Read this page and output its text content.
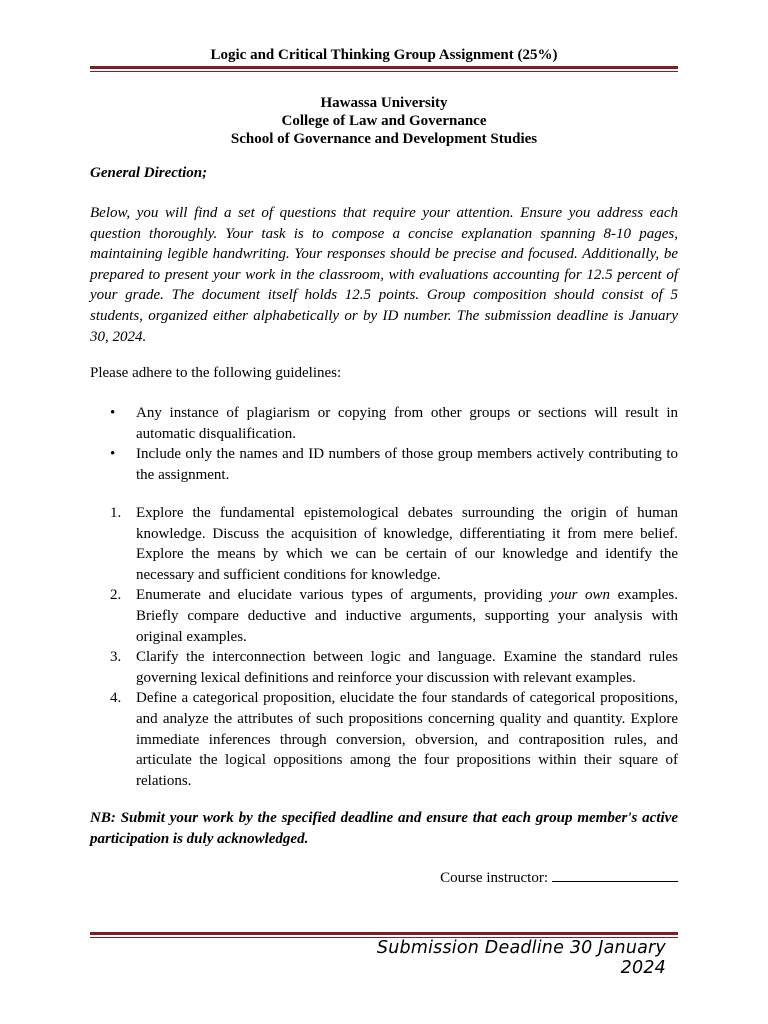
Logic and Critical Thinking Group Assignment (25%)
Hawassa University
College of Law and Governance
School of Governance and Development Studies
General Direction;

Below, you will find a set of questions that require your attention. Ensure you address each question thoroughly. Your task is to compose a concise explanation spanning 8-10 pages, maintaining legible handwriting. Your responses should be precise and focused. Additionally, be prepared to present your work in the classroom, with evaluations accounting for 12.5 percent of your grade. The document itself holds 12.5 points. Group composition should consist of 5 students, organized either alphabetically or by ID number. The submission deadline is January 30, 2024.

Please adhere to the following guidelines:
• Any instance of plagiarism or copying from other groups or sections will result in automatic disqualification.
• Include only the names and ID numbers of those group members actively contributing to the assignment.
1. Explore the fundamental epistemological debates surrounding the origin of human knowledge. Discuss the acquisition of knowledge, differentiating it from mere belief. Explore the means by which we can be certain of our knowledge and identify the necessary and sufficient conditions for knowledge.
2. Enumerate and elucidate various types of arguments, providing your own examples. Briefly compare deductive and inductive arguments, supporting your analysis with original examples.
3. Clarify the interconnection between logic and language. Examine the standard rules governing lexical definitions and reinforce your discussion with relevant examples.
4. Define a categorical proposition, elucidate the four standards of categorical propositions, and analyze the attributes of such propositions concerning quality and quantity. Explore immediate inferences through conversion, obversion, and contraposition rules, and articulate the logical oppositions among the four propositions within their square of relations.

NB: Submit your work by the specified deadline and ensure that each group member's active participation is duly acknowledged.

Course instructor:
Submission Deadline 30 January 2024
